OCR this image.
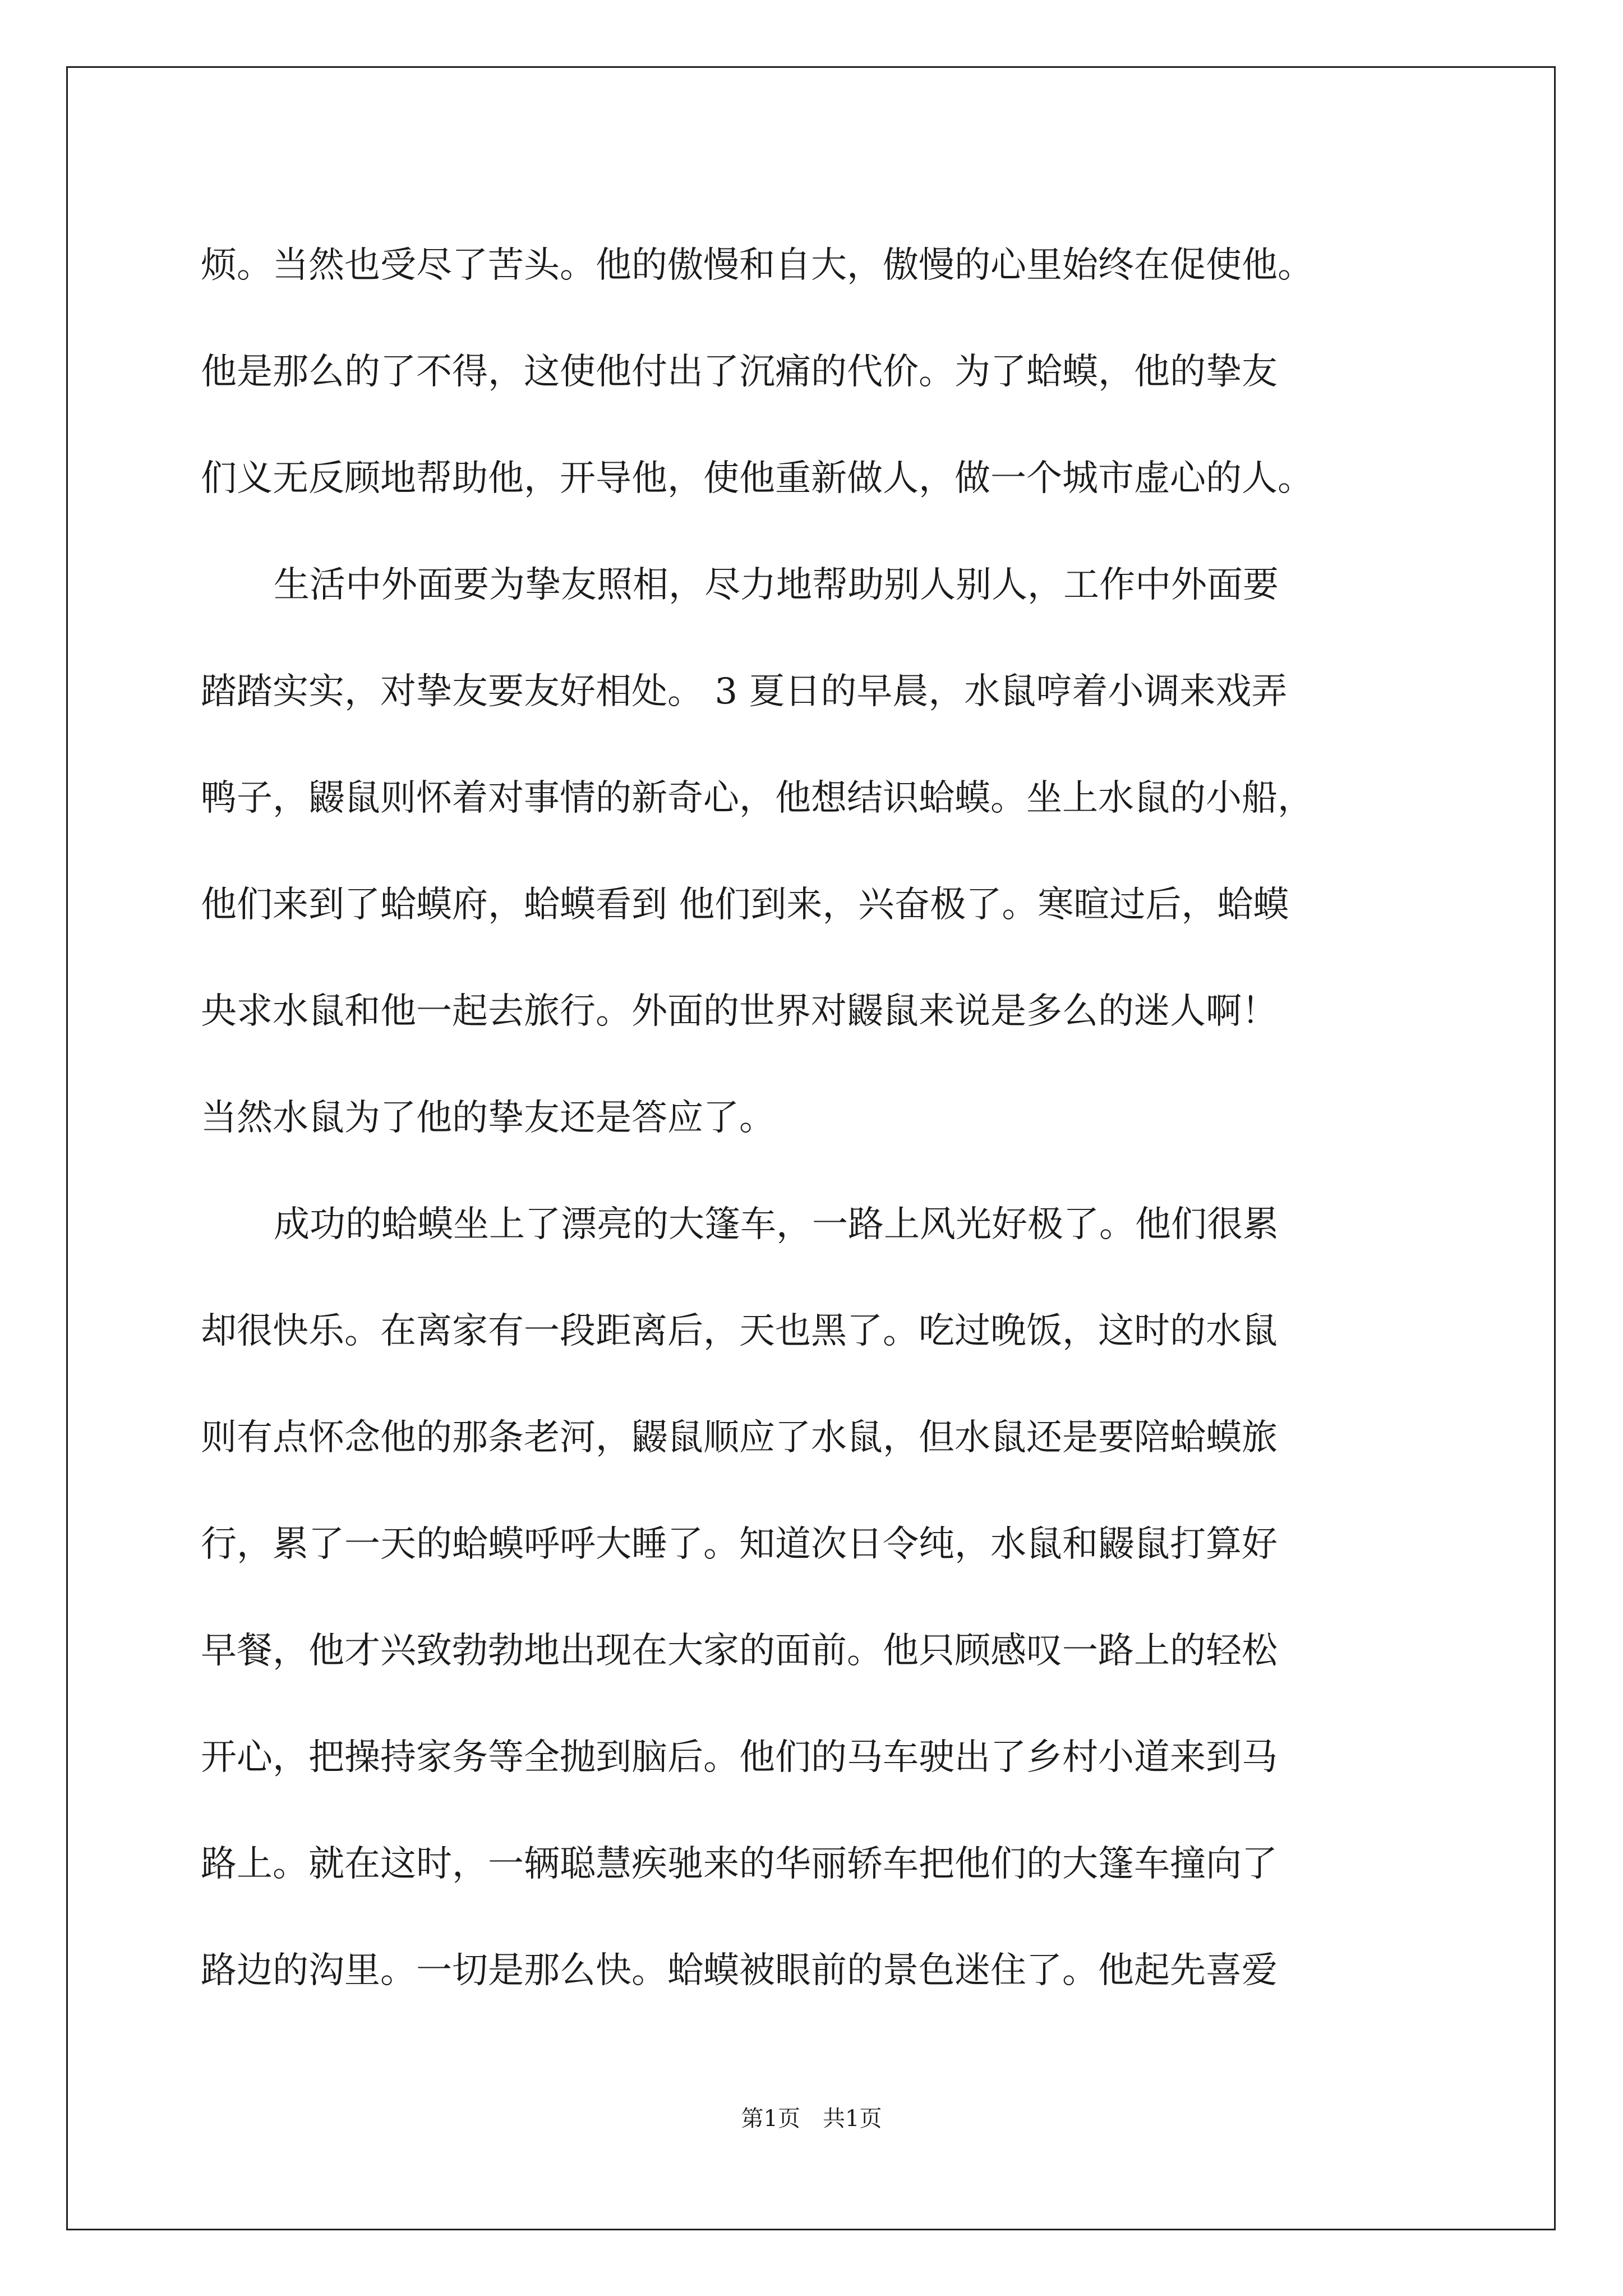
烦。当然也受尽了苦头。他的傲慢和自大，傲慢的心里始终在促使他。
他是那么的了不得，这使他付出了沉痛的代价。为了蛤蟆，他的挚友
们义无反顾地帮助他，开导他，使他重新做人，做一个城市虚心的人。
生活中外面要为挚友照相，尽力地帮助别人别人，工作中外面要
踏踏实实，对挚友要友好相处。 3 夏日的早晨，水鼠哼着小调来戏弄
鸭子，鼹鼠则怀着对事情的新奇心，他想结识蛤蟆。坐上水鼠的小船，
他们来到了蛤蟆府，蛤蟆看到 他们到来，兴奋极了。寒暄过后，蛤蟆
央求水鼠和他一起去旅行。外面的世界对鼹鼠来说是多么的迷人啊！
当然水鼠为了他的挚友还是答应了。
成功的蛤蟆坐上了漂亮的大篷车，一路上风光好极了。他们很累
却很快乐。在离家有一段距离后，天也黑了。吃过晚饭，这时的水鼠
则有点怀念他的那条老河，鼹鼠顺应了水鼠，但水鼠还是要陪蛤蟆旅
行，累了一天的蛤蟆呼呼大睡了。知道次日令纯，水鼠和鼹鼠打算好
早餐，他才兴致勃勃地出现在大家的面前。他只顾感叹一路上的轻松
开心，把操持家务等全抛到脑后。他们的马车驶出了乡村小道来到马
路上。就在这时，一辆聪慧疾驰来的华丽轿车把他们的大篷车撞向了
路边的沟里。一切是那么快。蛤蟆被眼前的景色迷住了。他起先喜爱
第1页 共1页
